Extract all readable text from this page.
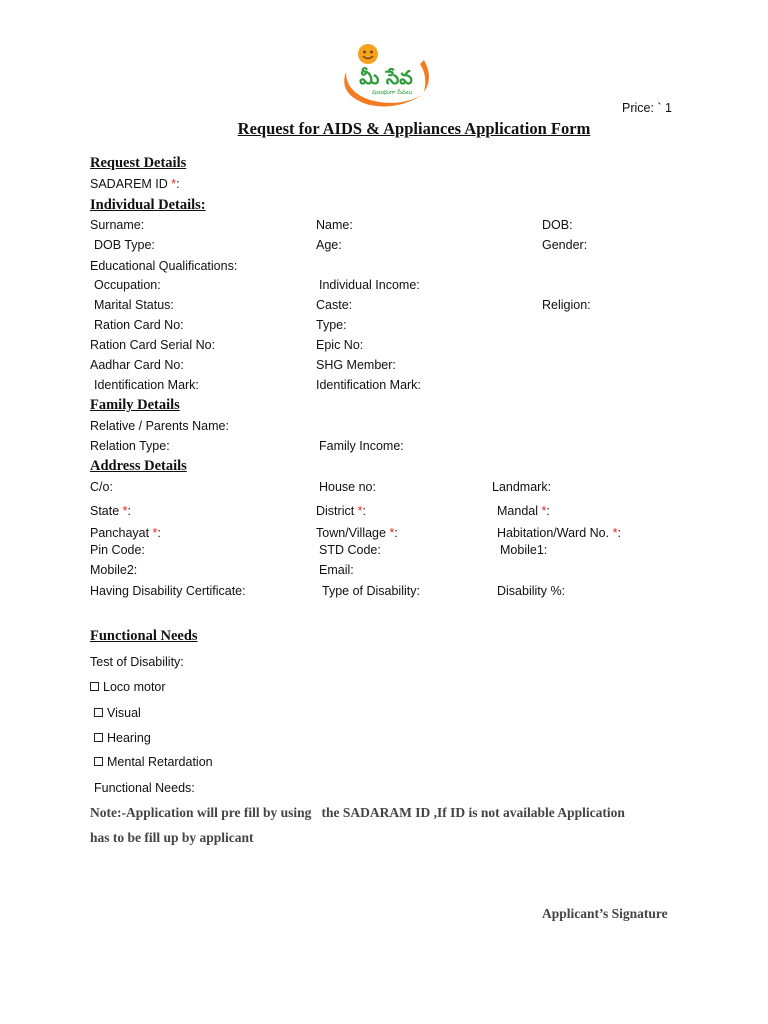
మీ సేవ
సులభంగా సేవలు
Price: ` 1
Request for AIDS & Appliances Application Form
Request Details
SADAREM ID *:
Individual Details:
Surname:	Name:	DOB:
DOB Type:	Age:	Gender:
Educational Qualifications:
Occupation:	Individual Income:
Marital Status:	Caste:	Religion:
Ration Card No:	Type:
Ration Card Serial No:	Epic No:
Aadhar Card No:	SHG Member:
Identification Mark:	Identification Mark:
Family Details
Relative / Parents Name:
Relation Type:	Family Income:
Address Details
C/o:	House no:	Landmark:
State *:	District *:	Mandal *:
Panchayat *:	Town/Village *:	Habitation/Ward No. *:
Pin Code:	STD Code:	Mobile1:
Mobile2:	Email:
Having Disability Certificate:	Type of Disability:	Disability %:
Functional Needs
Test of Disability:
Loco motor
Visual
Hearing
Mental Retardation
Functional Needs:
Note:-Application will pre fill by using   the SADARAM ID ,If ID is not available Application
has to be fill up by applicant
Applicant’s Signature
